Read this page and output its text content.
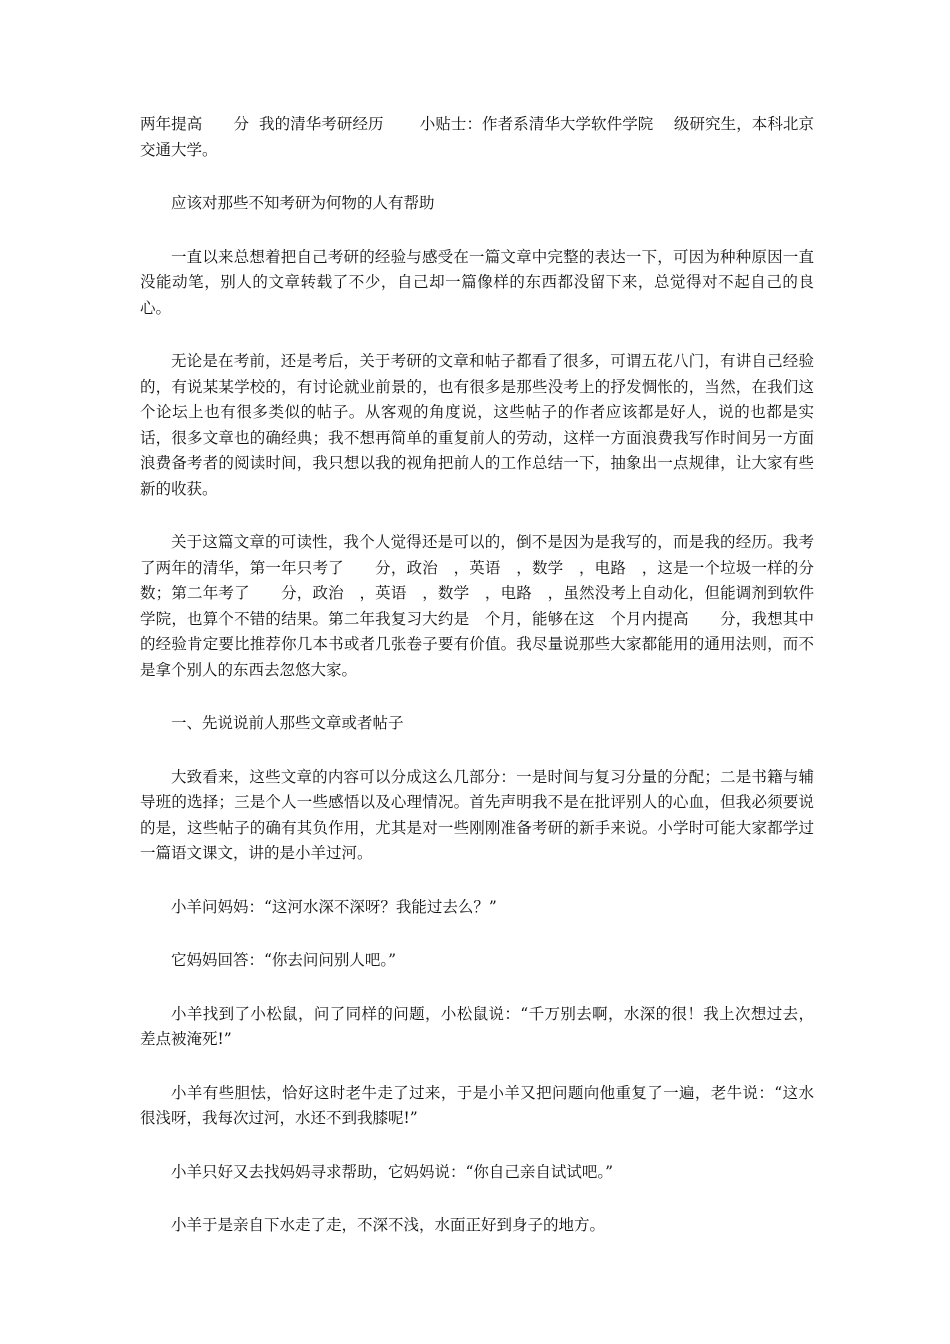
两年提高　　分  我的清华考研经历　　 小贴士：作者系清华大学软件学院　 级研究生，本科北京交通大学。

应该对那些不知考研为何物的人有帮助

一直以来总想着把自己考研的经验与感受在一篇文章中完整的表达一下，可因为种种原因一直没能动笔，别人的文章转载了不少，自己却一篇像样的东西都没留下来，总觉得对不起自己的良心。

无论是在考前，还是考后，关于考研的文章和帖子都看了很多，可谓五花八门，有讲自己经验的，有说某某学校的，有讨论就业前景的，也有很多是那些没考上的抒发惆怅的，当然，在我们这个论坛上也有很多类似的帖子。从客观的角度说，这些帖子的作者应该都是好人，说的也都是实话，很多文章也的确经典；我不想再简单的重复前人的劳动，这样一方面浪费我写作时间另一方面浪费备考者的阅读时间，我只想以我的视角把前人的工作总结一下，抽象出一点规律，让大家有些新的收获。

关于这篇文章的可读性，我个人觉得还是可以的，倒不是因为是我写的，而是我的经历。我考了两年的清华，第一年只考了　　分，政治　，英语　，数学　，电路　，这是一个垃圾一样的分数；第二年考了　　分，政治　，英语　，数学　，电路　，虽然没考上自动化，但能调剂到软件学院，也算个不错的结果。第二年我复习大约是　个月，能够在这　个月内提高　　分，我想其中的经验肯定要比推荐你几本书或者几张卷子要有价值。我尽量说那些大家都能用的通用法则，而不是拿个别人的东西去忽悠大家。

一、先说说前人那些文章或者帖子

大致看来，这些文章的内容可以分成这么几部分：一是时间与复习分量的分配；二是书籍与辅导班的选择；三是个人一些感悟以及心理情况。首先声明我不是在批评别人的心血，但我必须要说的是，这些帖子的确有其负作用，尤其是对一些刚刚准备考研的新手来说。小学时可能大家都学过一篇语文课文，讲的是小羊过河。

小羊问妈妈：“这河水深不深呀？我能过去么？”

它妈妈回答：“你去问问别人吧。”

小羊找到了小松鼠，问了同样的问题，小松鼠说：“千万别去啊，水深的很！我上次想过去，差点被淹死!”

小羊有些胆怯，恰好这时老牛走了过来，于是小羊又把问题向他重复了一遍，老牛说：“这水很浅呀，我每次过河，水还不到我膝呢!”

小羊只好又去找妈妈寻求帮助，它妈妈说：“你自己亲自试试吧。”

小羊于是亲自下水走了走，不深不浅，水面正好到身子的地方。
